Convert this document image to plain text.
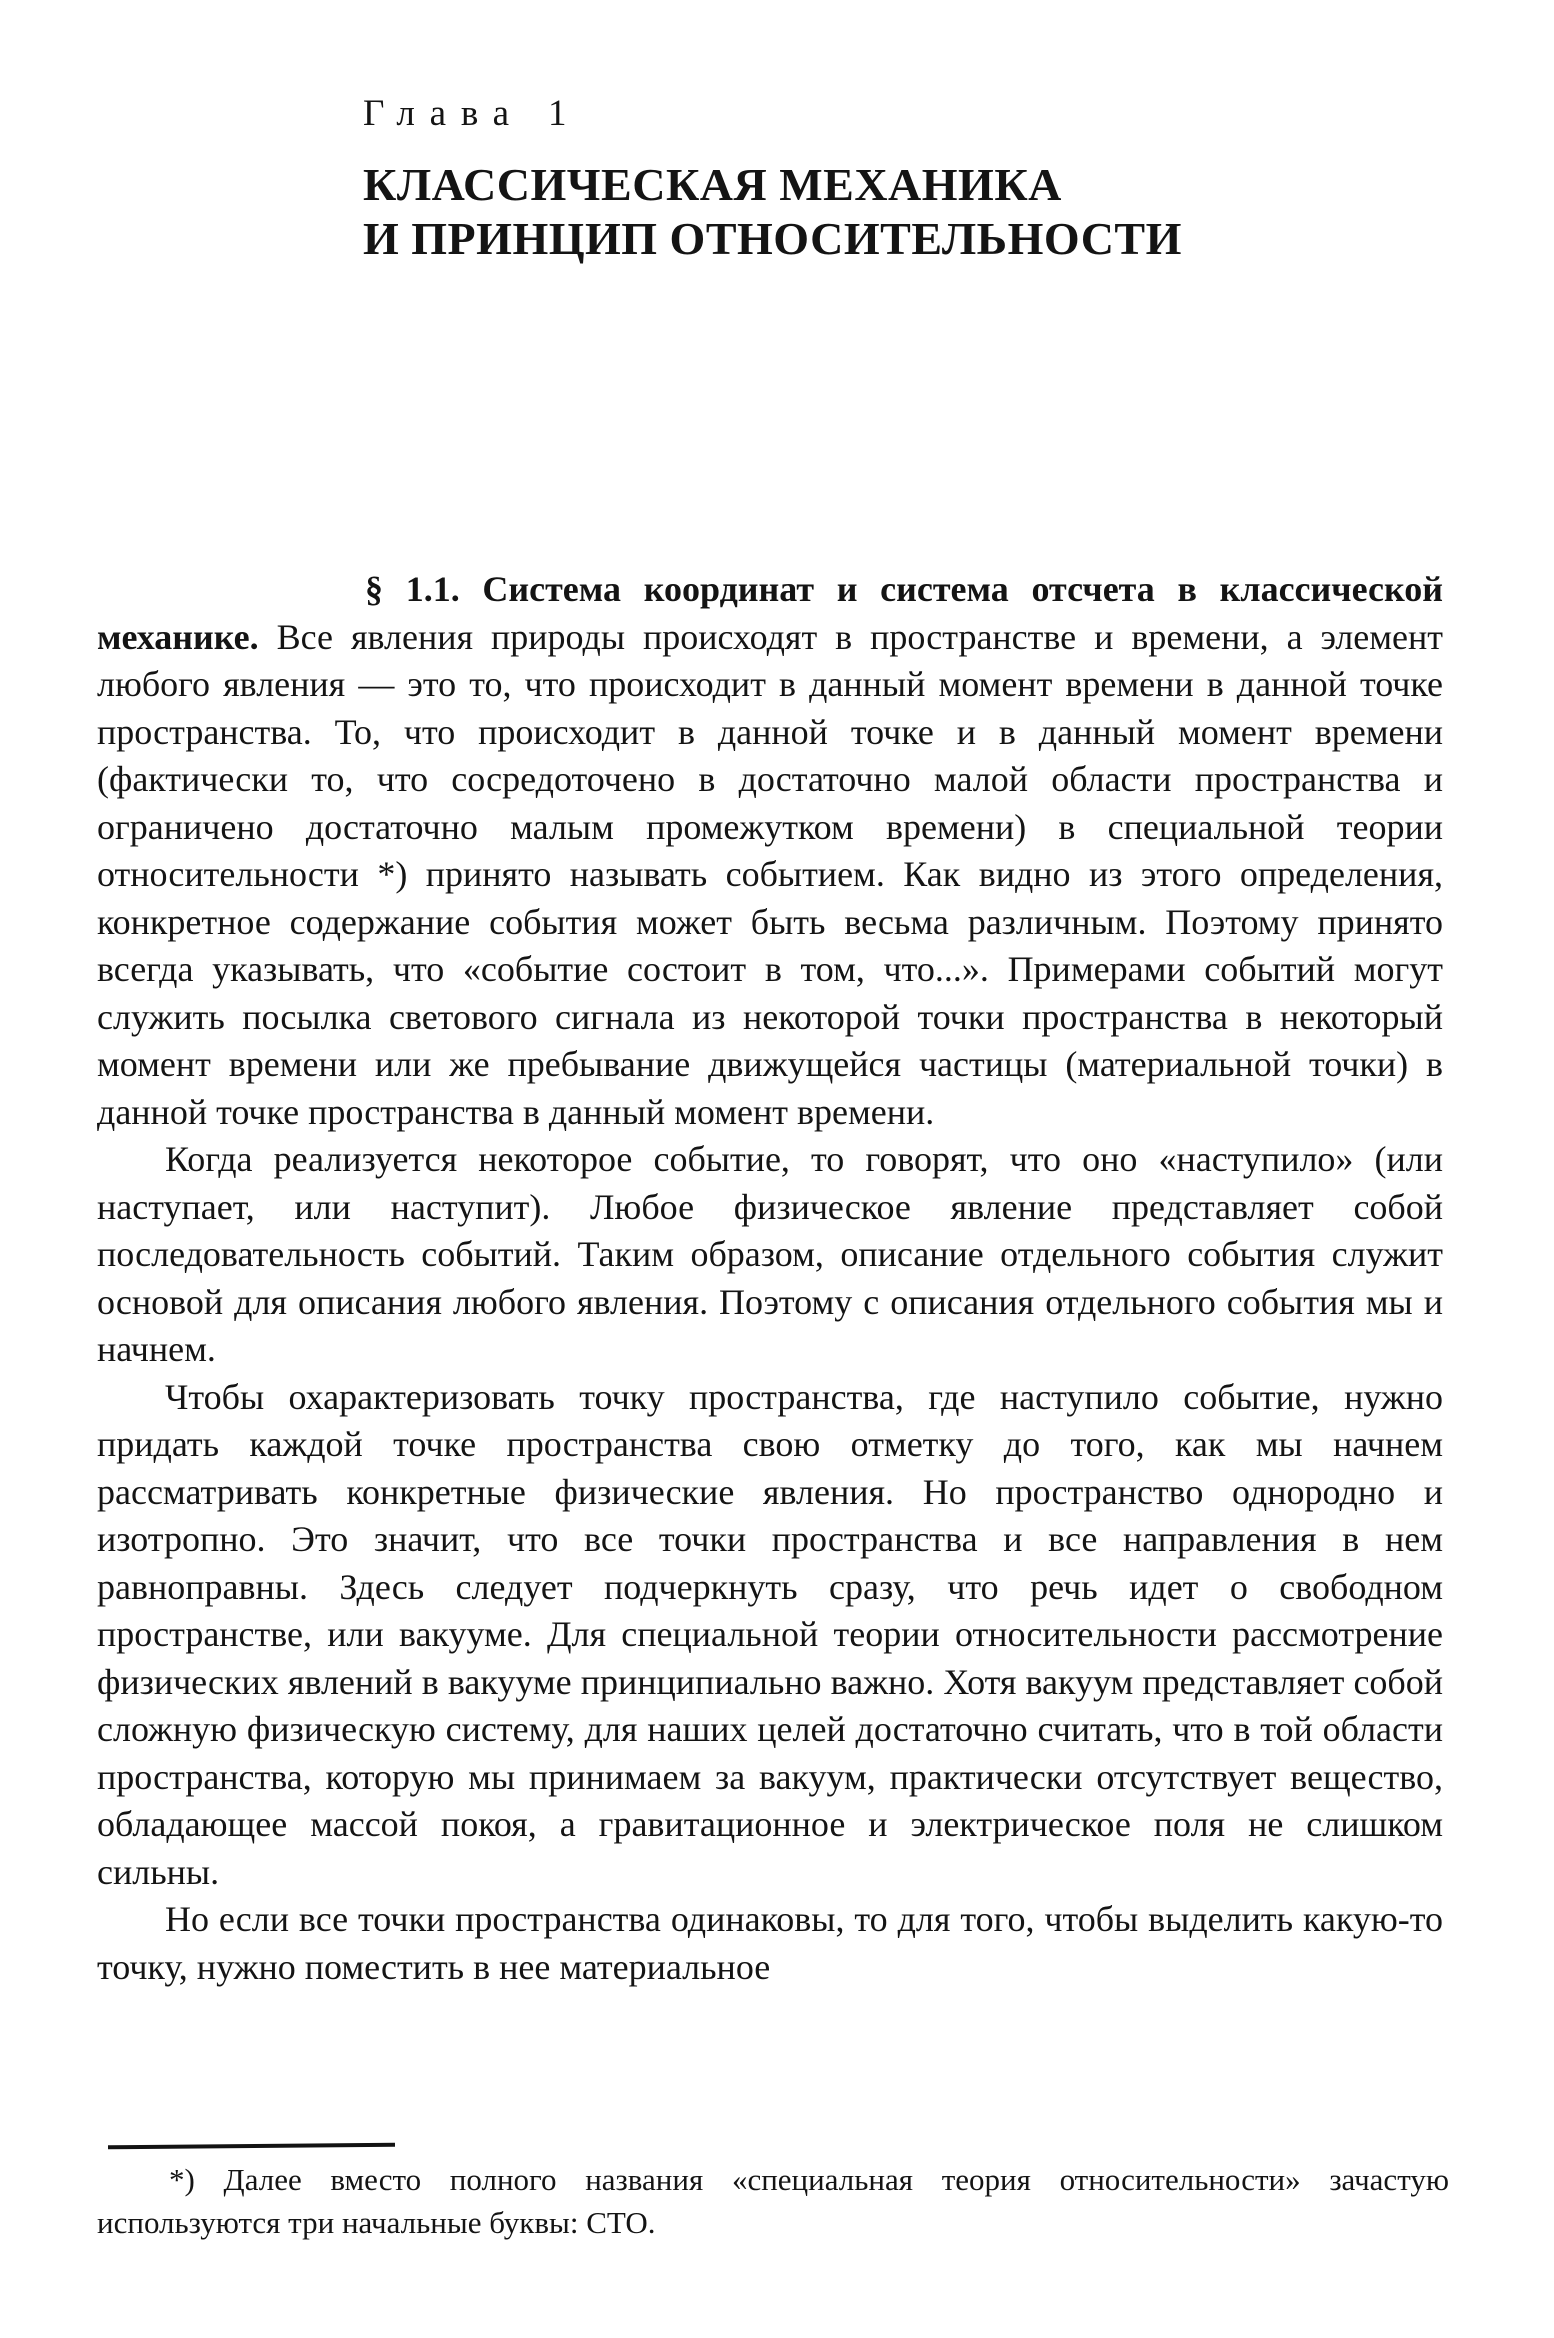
Глава 1
КЛАССИЧЕСКАЯ МЕХАНИКА
И ПРИНЦИП ОТНОСИТЕЛЬНОСТИ

§ 1.1. Система координат и система отсчета в классической механике. Все явления природы происходят в пространстве и времени, а элемент любого явления — это то, что происходит в данный момент времени в данной точке пространства. То, что происходит в данной точке и в данный момент времени (фактически то, что сосредоточено в достаточно малой области пространства и ограничено достаточно малым промежутком времени) в специальной теории относительности *) принято называть событием. Как видно из этого определения, конкретное содержание события может быть весьма различным. Поэтому принято всегда указывать, что «событие состоит в том, что...». Примерами событий могут служить посылка светового сигнала из некоторой точки пространства в некоторый момент времени или же пребывание движущейся частицы (материальной точки) в данной точке пространства в данный момент времени.

Когда реализуется некоторое событие, то говорят, что оно «наступило» (или наступает, или наступит). Любое физическое явление представляет собой последовательность событий. Таким образом, описание отдельного события служит основой для описания любого явления. Поэтому с описания отдельного события мы и начнем.

Чтобы охарактеризовать точку пространства, где наступило событие, нужно придать каждой точке пространства свою отметку до того, как мы начнем рассматривать конкретные физические явления. Но пространство однородно и изотропно. Это значит, что все точки пространства и все направления в нем равноправны. Здесь следует подчеркнуть сразу, что речь идет о свободном пространстве, или вакууме. Для специальной теории относительности рассмотрение физических явлений в вакууме принципиально важно. Хотя вакуум представляет собой сложную физическую систему, для наших целей достаточно считать, что в той области пространства, которую мы принимаем за вакуум, практически отсутствует вещество, обладающее массой покоя, а гравитационное и электрическое поля не слишком сильны.

Но если все точки пространства одинаковы, то для того, чтобы выделить какую-то точку, нужно поместить в нее материальное

*) Далее вместо полного названия «специальная теория относительности» зачастую используются три начальные буквы: СТО.
